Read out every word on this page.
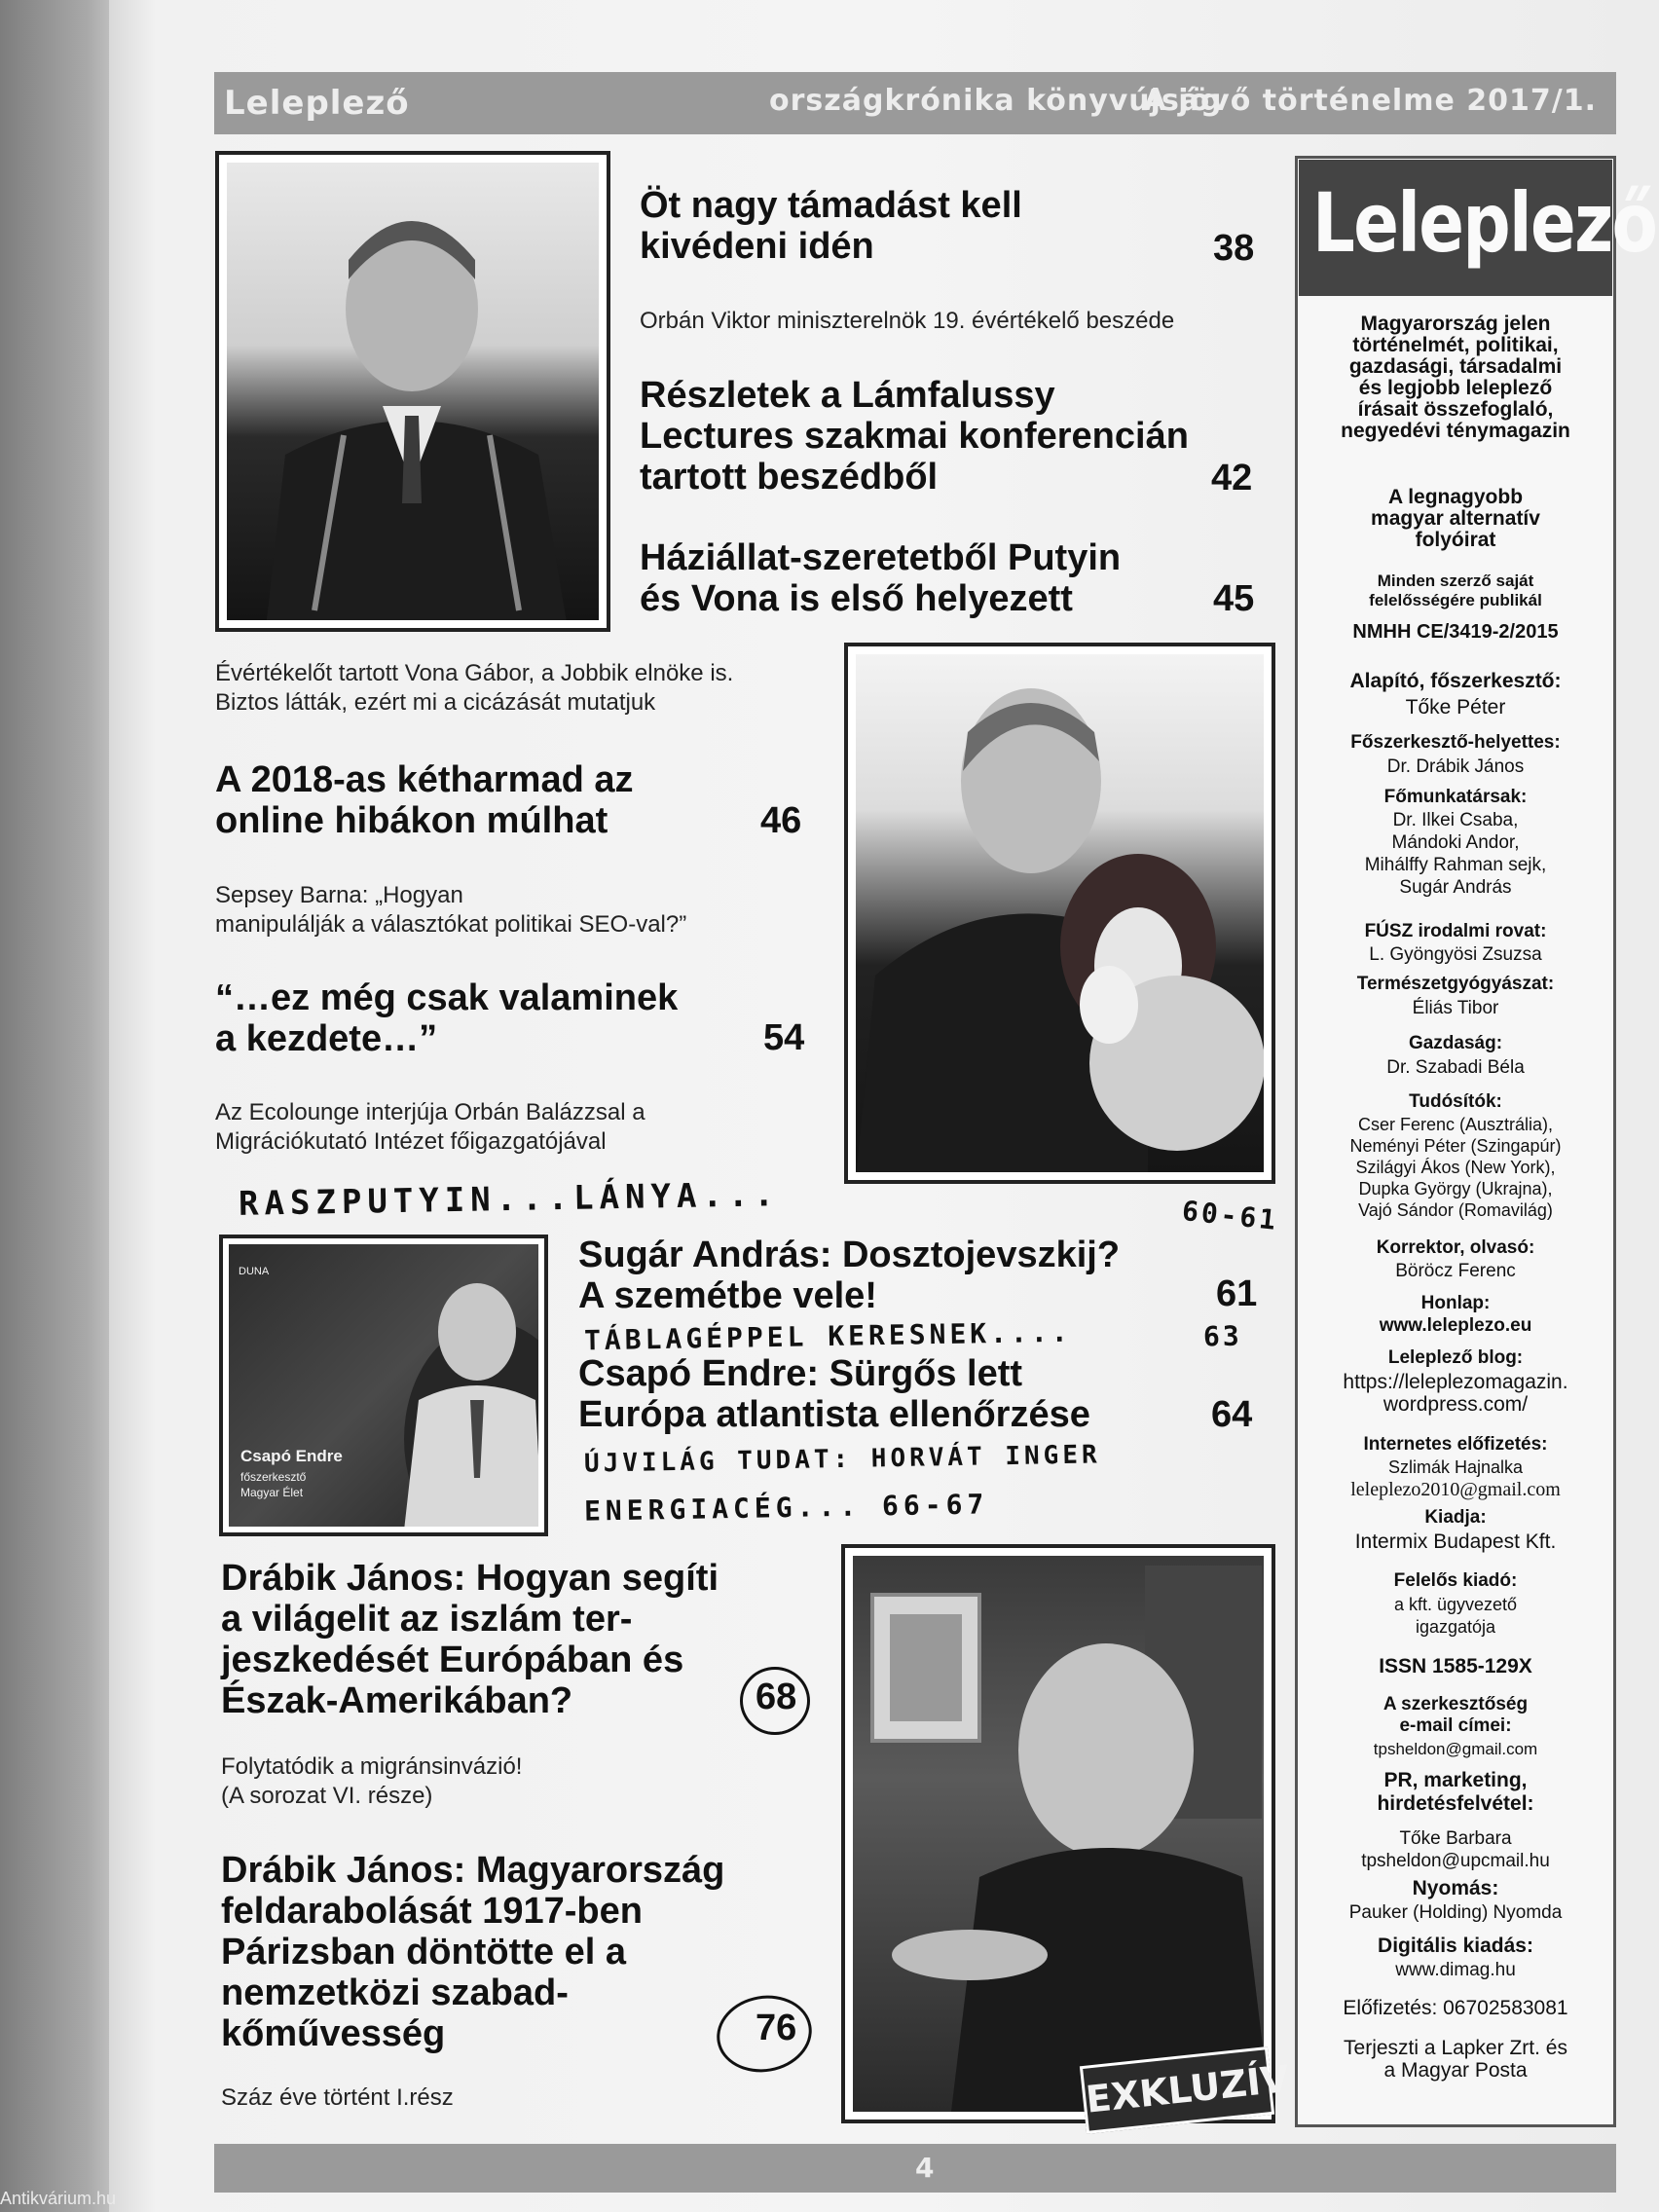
Leleplező	országkrónika könyvújság
A jövő történelme 2017/1.
Öt nagy támadást kell
kivédeni idén	38
Orbán Viktor miniszterelnök 19. évértékelő beszéde
Részletek a Lámfalussy
Lectures szakmai konferencián
tartott beszédből	42
Háziállat-szeretetből Putyin
és Vona is első helyezett	45
Évértékelőt tartott Vona Gábor, a Jobbik elnöke is.
Biztos látták, ezért mi a cicázását mutatjuk
A 2018-as kétharmad az
online hibákon múlhat	46
Sepsey Barna: „Hogyan
manipulálják a választókat politikai SEO-val?”
“…ez még csak valaminek
a kezdete…”	54
Az Ecolounge interjúja Orbán Balázzsal a
Migrációkutató Intézet főigazgatójával
RASZPUTYIN...LÁNYA...	60-61
DUNA
Csapó Endre
főszerkesztő
Magyar Élet
Sugár András: Dosztojevszkij?
A szemétbe vele!	61
TÁBLAGÉPPEL KERESNEK....	63
Csapó Endre: Sürgős lett
Európa atlantista ellenőrzése	64
ÚJVILÁG TUDAT: HORVÁT INGER
ENERGIACÉG... 66-67
Drábik János: Hogyan segíti
a világelit az iszlám ter-
jeszkedését Európában és
Észak-Amerikában?	68
Folytatódik a migránsinvázió!
(A sorozat VI. része)
EXKLUZÍV
Drábik János: Magyarország
feldarabolását 1917-ben
Párizsban döntötte el a
nemzetközi szabad-
kőművesség	76
Száz éve történt I.rész
Leleplező
Magyarország jelen
történelmét, politikai,
gazdasági, társadalmi
és legjobb leleplező
írásait összefoglaló,
negyedévi ténymagazin
A legnagyobb
magyar alternatív
folyóirat
Minden szerző saját
felelősségére publikál
NMHH CE/3419-2/2015
Alapító, főszerkesztő:
Tőke Péter
Főszerkesztő-helyettes:
Dr. Drábik János
Főmunkatársak:
Dr. Ilkei Csaba,
Mándoki Andor,
Mihálffy Rahman sejk,
Sugár András
FÚSZ irodalmi rovat:
L. Gyöngyösi Zsuzsa
Természetgyógyászat:
Éliás Tibor
Gazdaság:
Dr. Szabadi Béla
Tudósítók:
Cser Ferenc (Ausztrália),
Neményi Péter (Szingapúr)
Szilágyi Ákos (New York),
Dupka György (Ukrajna),
Vajó Sándor (Romavilág)
Korrektor, olvasó:
Böröcz Ferenc
Honlap:
www.leleplezo.eu
Leleplező blog:
https://leleplezomagazin.
wordpress.com/
Internetes előfizetés:
Szlimák Hajnalka
leleplezo2010@gmail.com
Kiadja:
Intermix Budapest Kft.
Felelős kiadó:
a kft. ügyvezető
igazgatója
ISSN 1585-129X
A szerkesztőség
e-mail címei:
tpsheldon@gmail.com
PR, marketing,
hirdetésfelvétel:
Tőke Barbara
tpsheldon@upcmail.hu
Nyomás:
Pauker (Holding) Nyomda
Digitális kiadás:
www.dimag.hu
Előfizetés: 06702583081
Terjeszti a Lapker Zrt. és
a Magyar Posta
4
Antikvárium.hu
